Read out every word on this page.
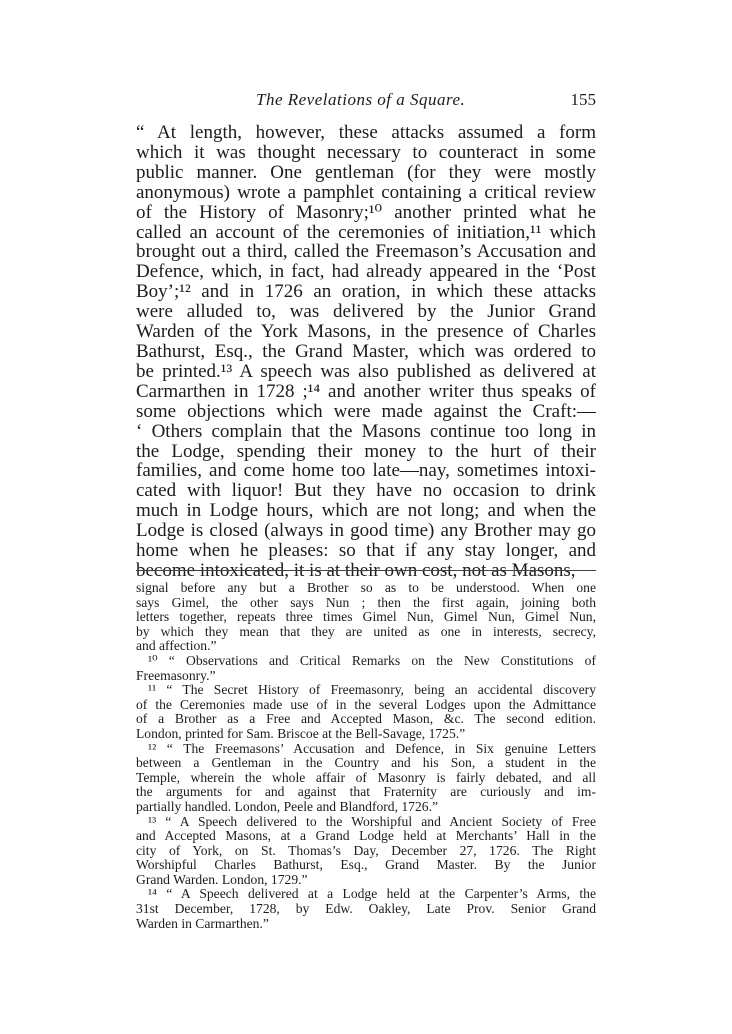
The Revelations of a Square.	155
“ At length, however, these attacks assumed a form
which it was thought necessary to counteract in some
public manner. One gentleman (for they were mostly
anonymous) wrote a pamphlet containing a critical review
of the History of Masonry;¹⁰ another printed what he
called an account of the ceremonies of initiation,¹¹ which
brought out a third, called the Freemason’s Accusation and
Defence, which, in fact, had already appeared in the ‘Post
Boy’;¹² and in 1726 an oration, in which these attacks
were alluded to, was delivered by the Junior Grand
Warden of the York Masons, in the presence of Charles
Bathurst, Esq., the Grand Master, which was ordered to
be printed.¹³ A speech was also published as delivered at
Carmarthen in 1728 ;¹⁴ and another writer thus speaks of
some objections which were made against the Craft:—
‘ Others complain that the Masons continue too long in
the Lodge, spending their money to the hurt of their
families, and come home too late—nay, sometimes intoxi-
cated with liquor! But they have no occasion to drink
much in Lodge hours, which are not long; and when the
Lodge is closed (always in good time) any Brother may go
home when he pleases: so that if any stay longer, and
become intoxicated, it is at their own cost, not as Masons,
signal before any but a Brother so as to be understood. When one
says Gimel, the other says Nun ; then the first again, joining both
letters together, repeats three times Gimel Nun, Gimel Nun, Gimel Nun,
by which they mean that they are united as one in interests, secrecy,
and affection.”
¹⁰ “ Observations and Critical Remarks on the New Constitutions of
Freemasonry.”
¹¹ “ The Secret History of Freemasonry, being an accidental discovery
of the Ceremonies made use of in the several Lodges upon the Admittance
of a Brother as a Free and Accepted Mason, &c. The second edition.
London, printed for Sam. Briscoe at the Bell-Savage, 1725.”
¹² “ The Freemasons’ Accusation and Defence, in Six genuine Letters
between a Gentleman in the Country and his Son, a student in the
Temple, wherein the whole affair of Masonry is fairly debated, and all
the arguments for and against that Fraternity are curiously and im-
partially handled. London, Peele and Blandford, 1726.”
¹³ “ A Speech delivered to the Worshipful and Ancient Society of Free
and Accepted Masons, at a Grand Lodge held at Merchants’ Hall in the
city of York, on St. Thomas’s Day, December 27, 1726. The Right
Worshipful Charles Bathurst, Esq., Grand Master. By the Junior
Grand Warden. London, 1729.”
¹⁴ “ A Speech delivered at a Lodge held at the Carpenter’s Arms, the
31st December, 1728, by Edw. Oakley, Late Prov. Senior Grand
Warden in Carmarthen.”
